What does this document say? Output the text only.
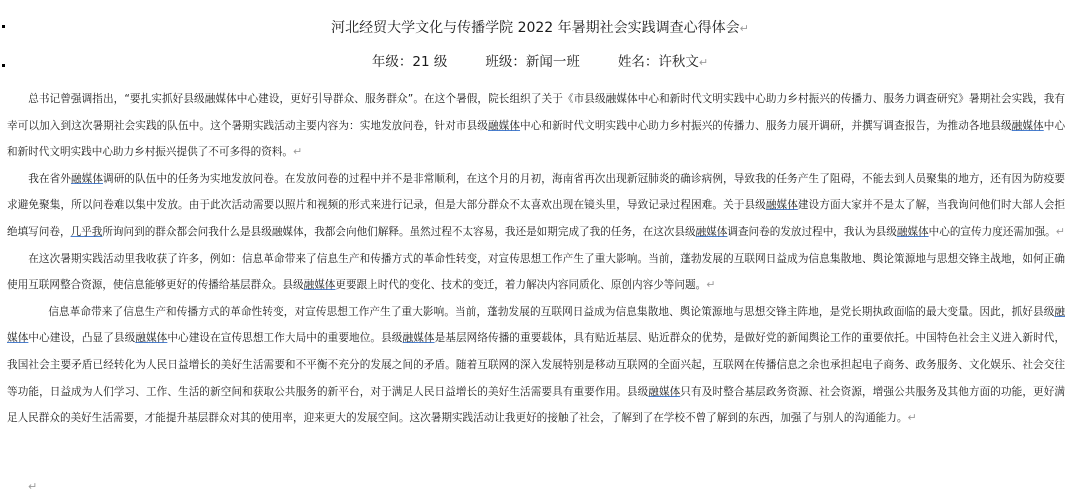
河北经贸大学文化与传播学院 2022 年暑期社会实践调查心得体会↵
年级：21 级	班级：新闻一班	姓名：许秋文↵

总书记曾强调指出，“要扎实抓好县级融媒体中心建设，更好引导群众、服务群众”。在这个暑假，院长组织了关于《市县级融媒体中心和新时代文明实践中心助力乡村振兴的传播力、服务力调查研究》暑期社会实践，我有幸可以加入到这次暑期社会实践的队伍中。这个暑期实践活动主要内容为：实地发放问卷，针对市县级融媒体中心和新时代文明实践中心助力乡村振兴的传播力、服务力展开调研，并撰写调查报告，为推动各地县级融媒体中心和新时代文明实践中心助力乡村振兴提供了不可多得的资料。↵

我在省外融媒体调研的队伍中的任务为实地发放问卷。在发放问卷的过程中并不是非常顺利，在这个月的月初，海南省再次出现新冠肺炎的确诊病例，导致我的任务产生了阻碍，不能去到人员聚集的地方，还有因为防疫要求避免聚集，所以问卷难以集中发放。由于此次活动需要以照片和视频的形式来进行记录，但是大部分群众不太喜欢出现在镜头里，导致记录过程困难。关于县级融媒体建设方面大家并不是太了解，当我询问他们时大部人会拒绝填写问卷，几乎我所询问到的群众都会问我什么是县级融媒体，我都会向他们解释。虽然过程不太容易，我还是如期完成了我的任务，在这次县级融媒体调查问卷的发放过程中，我认为县级融媒体中心的宣传力度还需加强。↵

在这次暑期实践活动里我收获了许多，例如：信息革命带来了信息生产和传播方式的革命性转变，对宣传思想工作产生了重大影响。当前，蓬勃发展的互联网日益成为信息集散地、舆论策源地与思想交锋主战地，如何正确使用互联网整合资源，使信息能够更好的传播给基层群众。县级融媒体更要跟上时代的变化、技术的变迁，着力解决内容同质化、原创内容少等问题。↵

信息革命带来了信息生产和传播方式的革命性转变，对宣传思想工作产生了重大影响。当前，蓬勃发展的互联网日益成为信息集散地、舆论策源地与思想交锋主阵地，是党长期执政面临的最大变量。因此，抓好县级融媒体中心建设，凸显了县级融媒体中心建设在宣传思想工作大局中的重要地位。县级融媒体是基层网络传播的重要载体，具有贴近基层、贴近群众的优势，是做好党的新闻舆论工作的重要依托。中国特色社会主义进入新时代，我国社会主要矛盾已经转化为人民日益增长的美好生活需要和不平衡不充分的发展之间的矛盾。随着互联网的深入发展特别是移动互联网的全面兴起，互联网在传播信息之余也承担起电子商务、政务服务、文化娱乐、社会交往等功能，日益成为人们学习、工作、生活的新空间和获取公共服务的新平台，对于满足人民日益增长的美好生活需要具有重要作用。县级融媒体只有及时整合基层政务资源、社会资源，增强公共服务及其他方面的功能，更好满足人民群众的美好生活需要，才能提升基层群众对其的使用率，迎来更大的发展空间。这次暑期实践活动让我更好的接触了社会，了解到了在学校不曾了解到的东西，加强了与别人的沟通能力。↵

↵
